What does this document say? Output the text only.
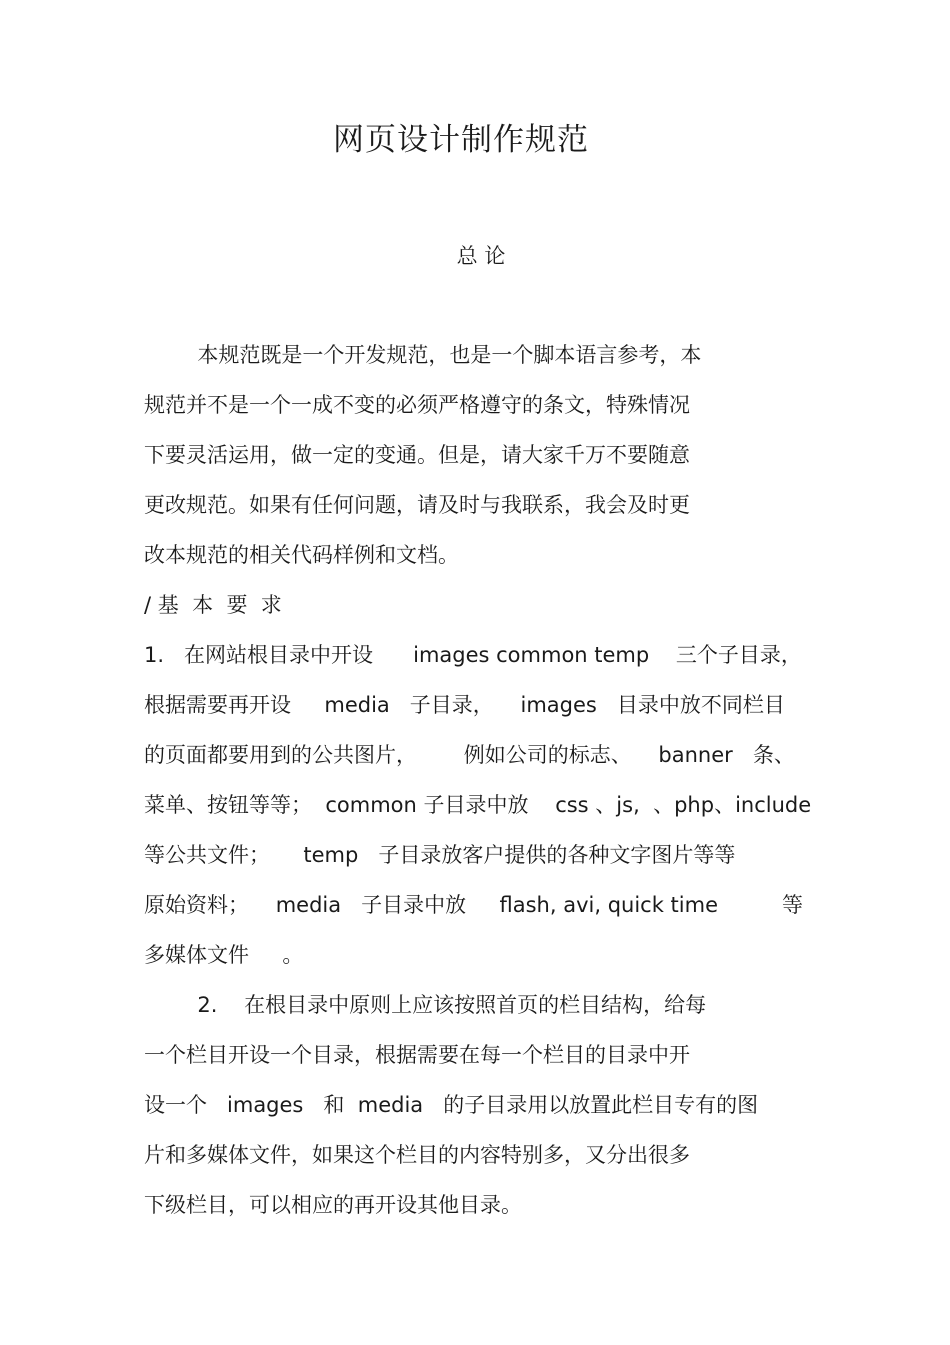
网页设计制作规范
总 论
本规范既是一个开发规范，也是一个脚本语言参考，本
规范并不是一个一成不变的必须严格遵守的条文，特殊情况
下要灵活运用，做一定的变通。但是，请大家千万不要随意
更改规范。如果有任何问题，请及时与我联系，我会及时更
改本规范的相关代码样例和文档。
/ 基  本  要  求
1.   在网站根目录中开设      images common temp    三个子目录，
根据需要再开设     media   子目录，    images   目录中放不同栏目
的页面都要用到的公共图片，       例如公司的标志、    banner   条、
菜单、按钮等等；  common 子目录中放    css 、js,  、php、include
等公共文件；     temp   子目录放客户提供的各种文字图片等等
原始资料；    media   子目录中放     flash, avi, quick time	等
多媒体文件     。
2.    在根目录中原则上应该按照首页的栏目结构，给每
一个栏目开设一个目录，根据需要在每一个栏目的目录中开
设一个   images   和  media   的子目录用以放置此栏目专有的图
片和多媒体文件，如果这个栏目的内容特别多，又分出很多
下级栏目，可以相应的再开设其他目录。
